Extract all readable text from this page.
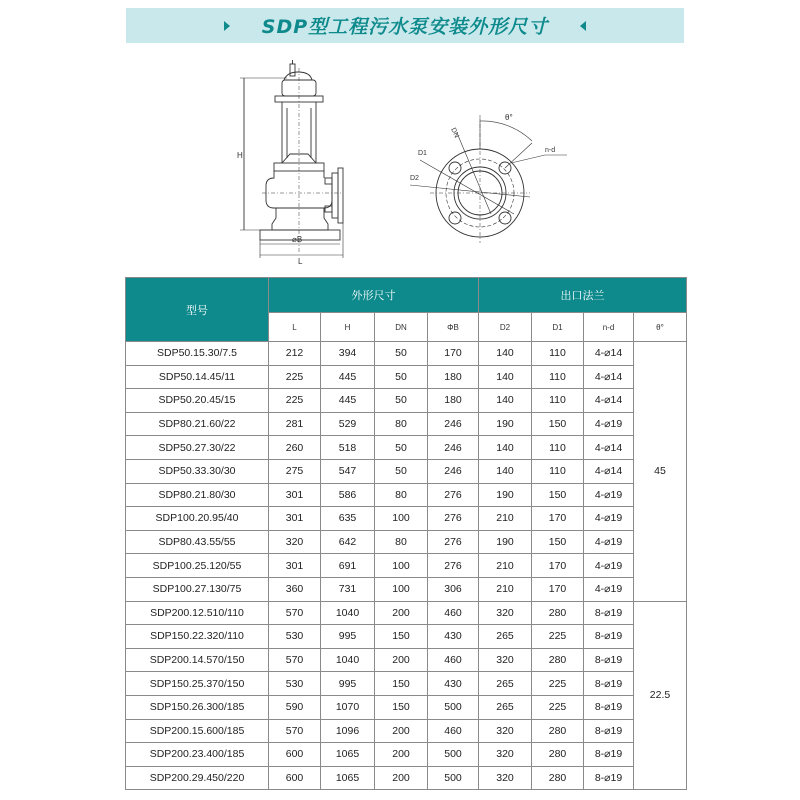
SDP型工程污水泵安装外形尺寸
H
⌀B
L
DN
D1
D2
θ°
n-d
型号	外形尺寸				出口法兰			
	L	H	DN	ΦB	D2	D1	n-d	θ°
SDP50.15.30/7.5	212	394	50	170	140	110	4-⌀14	45
SDP50.14.45/11	225	445	50	180	140	110	4-⌀14	
SDP50.20.45/15	225	445	50	180	140	110	4-⌀14	
SDP80.21.60/22	281	529	80	246	190	150	4-⌀19	
SDP50.27.30/22	260	518	50	246	140	110	4-⌀14	
SDP50.33.30/30	275	547	50	246	140	110	4-⌀14	
SDP80.21.80/30	301	586	80	276	190	150	4-⌀19	
SDP100.20.95/40	301	635	100	276	210	170	4-⌀19	
SDP80.43.55/55	320	642	80	276	190	150	4-⌀19	
SDP100.25.120/55	301	691	100	276	210	170	4-⌀19	
SDP100.27.130/75	360	731	100	306	210	170	4-⌀19	
SDP200.12.510/110	570	1040	200	460	320	280	8-⌀19	22.5
SDP150.22.320/110	530	995	150	430	265	225	8-⌀19	
SDP200.14.570/150	570	1040	200	460	320	280	8-⌀19	
SDP150.25.370/150	530	995	150	430	265	225	8-⌀19	
SDP150.26.300/185	590	1070	150	500	265	225	8-⌀19	
SDP200.15.600/185	570	1096	200	460	320	280	8-⌀19	
SDP200.23.400/185	600	1065	200	500	320	280	8-⌀19	
SDP200.29.450/220	600	1065	200	500	320	280	8-⌀19	
